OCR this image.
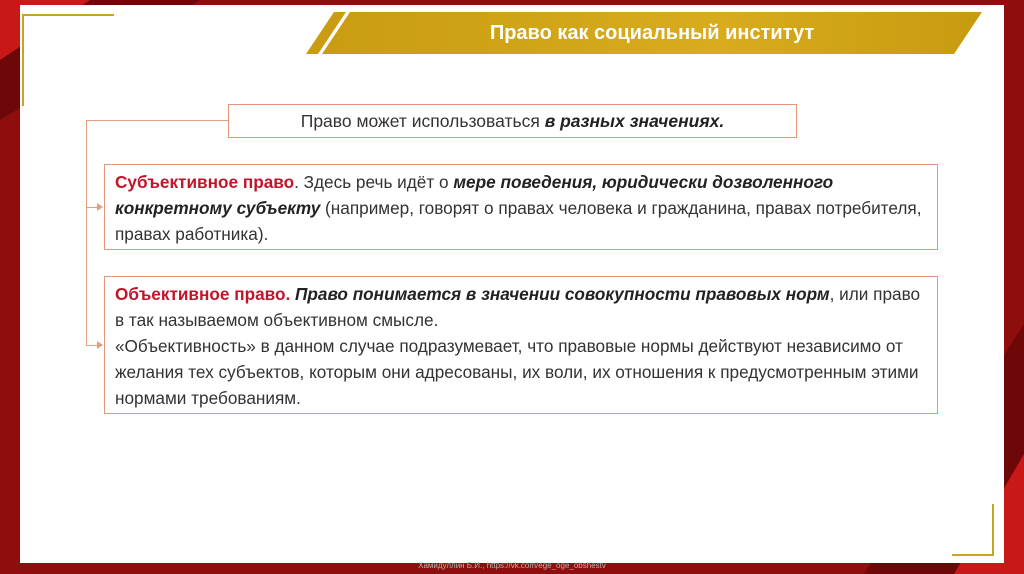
Право как социальный институт
Право может использоваться в разных значениях.
Субъективное право. Здесь речь идёт о мере поведения, юридически дозволенного конкретному субъекту (например, говорят о правах человека и гражданина, правах потребителя, правах работника).
Объективное право. Право понимается в значении совокупности правовых норм, или право в так называемом объективном смысле.
«Объективность» в данном случае подразумевает, что правовые нормы действуют независимо от желания тех субъектов, которым они адресованы, их воли, их отношения к предусмотренным этими нормами требованиям.
Хамидуллин Б.И., https://vk.com/ege_oge_obshestv
